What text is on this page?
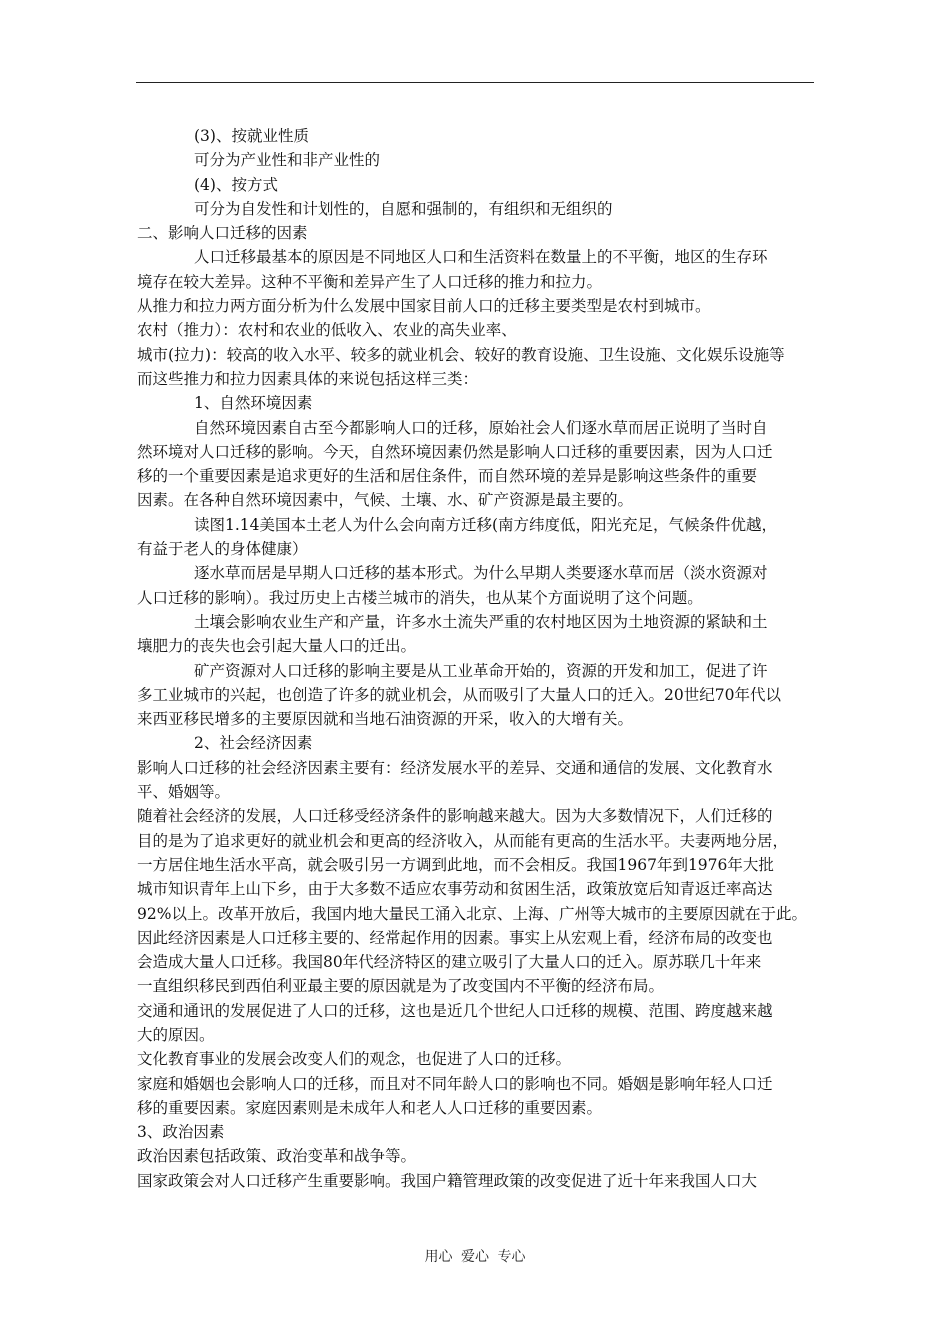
(3)、按就业性质
可分为产业性和非产业性的
(4)、按方式
可分为自发性和计划性的，自愿和强制的，有组织和无组织的
二、影响人口迁移的因素
人口迁移最基本的原因是不同地区人口和生活资料在数量上的不平衡，地区的生存环
境存在较大差异。这种不平衡和差异产生了人口迁移的推力和拉力。
从推力和拉力两方面分析为什么发展中国家目前人口的迁移主要类型是农村到城市。
农村（推力）：农村和农业的低收入、农业的高失业率、
城市(拉力)：较高的收入水平、较多的就业机会、较好的教育设施、卫生设施、文化娱乐设施等
而这些推力和拉力因素具体的来说包括这样三类：
1、自然环境因素
自然环境因素自古至今都影响人口的迁移，原始社会人们逐水草而居正说明了当时自
然环境对人口迁移的影响。今天，自然环境因素仍然是影响人口迁移的重要因素，因为人口迁
移的一个重要因素是追求更好的生活和居住条件，而自然环境的差异是影响这些条件的重要
因素。在各种自然环境因素中，气候、土壤、水、矿产资源是最主要的。
读图1.14美国本土老人为什么会向南方迁移(南方纬度低，阳光充足，气候条件优越，
有益于老人的身体健康）
逐水草而居是早期人口迁移的基本形式。为什么早期人类要逐水草而居（淡水资源对
人口迁移的影响）。我过历史上古楼兰城市的消失，也从某个方面说明了这个问题。
土壤会影响农业生产和产量，许多水土流失严重的农村地区因为土地资源的紧缺和土
壤肥力的丧失也会引起大量人口的迁出。
矿产资源对人口迁移的影响主要是从工业革命开始的，资源的开发和加工，促进了许
多工业城市的兴起，也创造了许多的就业机会，从而吸引了大量人口的迁入。20世纪70年代以
来西亚移民增多的主要原因就和当地石油资源的开采，收入的大增有关。
2、社会经济因素
影响人口迁移的社会经济因素主要有：经济发展水平的差异、交通和通信的发展、文化教育水
平、婚姻等。
随着社会经济的发展，人口迁移受经济条件的影响越来越大。因为大多数情况下，人们迁移的
目的是为了追求更好的就业机会和更高的经济收入，从而能有更高的生活水平。夫妻两地分居，
一方居住地生活水平高，就会吸引另一方调到此地，而不会相反。我国1967年到1976年大批
城市知识青年上山下乡，由于大多数不适应农事劳动和贫困生活，政策放宽后知青返迁率高达
92%以上。改革开放后，我国内地大量民工涌入北京、上海、广州等大城市的主要原因就在于此。
因此经济因素是人口迁移主要的、经常起作用的因素。事实上从宏观上看，经济布局的改变也
会造成大量人口迁移。我国80年代经济特区的建立吸引了大量人口的迁入。原苏联几十年来
一直组织移民到西伯利亚最主要的原因就是为了改变国内不平衡的经济布局。
交通和通讯的发展促进了人口的迁移，这也是近几个世纪人口迁移的规模、范围、跨度越来越
大的原因。
文化教育事业的发展会改变人们的观念，也促进了人口的迁移。
家庭和婚姻也会影响人口的迁移，而且对不同年龄人口的影响也不同。婚姻是影响年轻人口迁
移的重要因素。家庭因素则是未成年人和老人人口迁移的重要因素。
3、政治因素
政治因素包括政策、政治变革和战争等。
国家政策会对人口迁移产生重要影响。我国户籍管理政策的改变促进了近十年来我国人口大
用心 爱心 专心
